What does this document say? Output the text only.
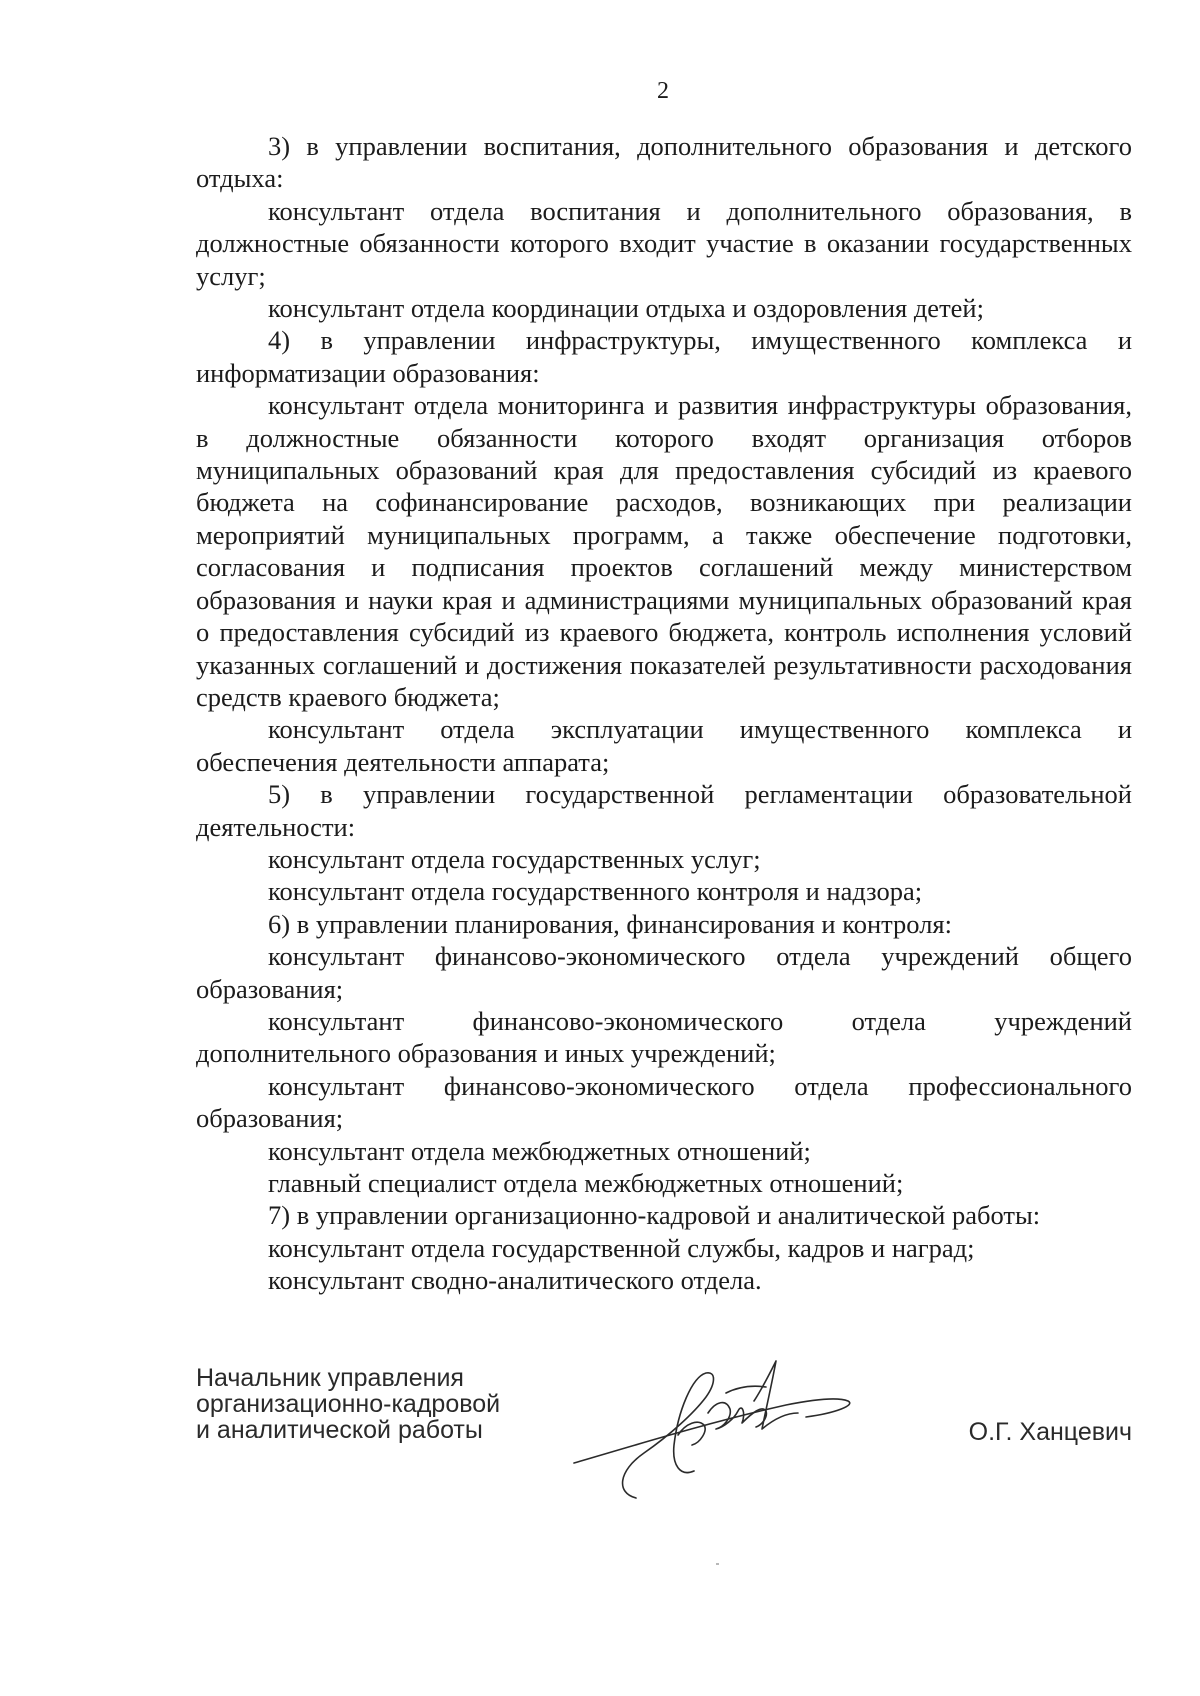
2

3) в управлении воспитания, дополнительного образования и детского отдыха:

консультант отдела воспитания и дополнительного образования, в должностные обязанности которого входит участие в оказании государственных услуг;

консультант отдела координации отдыха и оздоровления детей;

4) в управлении инфраструктуры, имущественного комплекса и информатизации образования:

консультант отдела мониторинга и развития инфраструктуры образования, в должностные обязанности которого входят организация отборов муниципальных образований края для предоставления субсидий из краевого бюджета на софинансирование расходов, возникающих при реализации мероприятий муниципальных программ, а также обеспечение подготовки, согласования и подписания проектов соглашений между министерством образования и науки края и администрациями муниципальных образований края о предоставления субсидий из краевого бюджета, контроль исполнения условий указанных соглашений и достижения показателей результативности расходования средств краевого бюджета;

консультант отдела эксплуатации имущественного комплекса и обеспечения деятельности аппарата;

5) в управлении государственной регламентации образовательной деятельности:

консультант отдела государственных услуг;

консультант отдела государственного контроля и надзора;

6) в управлении планирования, финансирования и контроля:

консультант финансово-экономического отдела учреждений общего образования;

консультант финансово-экономического отдела учреждений дополнительного образования и иных учреждений;

консультант финансово-экономического отдела профессионального образования;

консультант отдела межбюджетных отношений;

главный специалист отдела межбюджетных отношений;

7) в управлении организационно-кадровой и аналитической работы:

консультант отдела государственной службы, кадров и наград;

консультант сводно-аналитического отдела.

Начальник управления
организационно-кадровой
и аналитической работы	О.Г. Ханцевич
